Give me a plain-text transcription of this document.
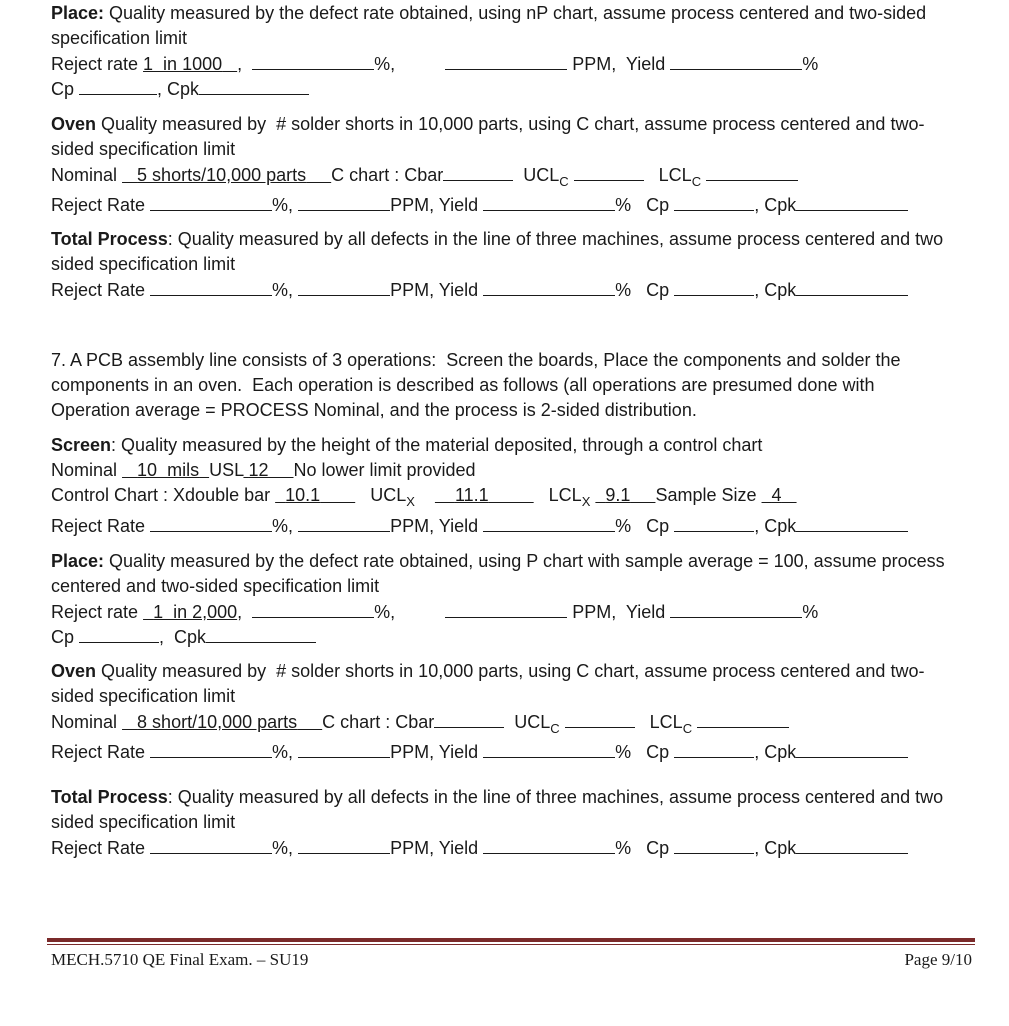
Place: Quality measured by the defect rate obtained, using nP chart, assume process centered and two-sided
specification limit
Reject rate 1  in 1000 ,	%,	PPM, Yield	%
Cp	, Cpk
Oven Quality measured by  # solder shorts in 10,000 parts, using C chart, assume process centered and two-
sided specification limit
Nominal    5 shorts/10,000 parts C chart : Cbar	$UCL_C$	$LCL_C$
Reject Rate	%,	PPM, Yield	% Cp	, Cpk
Total Process: Quality measured by all defects in the line of three machines, assume process centered and two
sided specification limit
Reject Rate	%,	PPM, Yield	% Cp	, Cpk
7. A PCB assembly line consists of 3 operations:  Screen the boards, Place the components and solder the
components in an oven.  Each operation is described as follows (all operations are presumed done with
Operation average = PROCESS Nominal, and the process is 2-sided distribution.
Screen: Quality measured by the height of the material deposited, through a control chart
Nominal    10  mils USL 12 No lower limit provided
Control Chart : Xdouble bar   10.1	$UCL_X$ 11.1	$LCL_X$ 9.1 Sample Size   4
Reject Rate	%,	PPM, Yield	% Cp	, Cpk
Place: Quality measured by the defect rate obtained, using P chart with sample average = 100, assume process
centered and two-sided specification limit
Reject rate   1  in 2,000,	%,	PPM, Yield	%
Cp	,  Cpk
Oven Quality measured by  # solder shorts in 10,000 parts, using C chart, assume process centered and two-
sided specification limit
Nominal    8 short/10,000 parts C chart : Cbar	$UCL_C$	$LCL_C$
Reject Rate	%,	PPM, Yield	% Cp	, Cpk
Total Process: Quality measured by all defects in the line of three machines, assume process centered and two
sided specification limit
Reject Rate	%,	PPM, Yield	% Cp	, Cpk
MECH.5710 QE Final Exam. – SU19	Page 9/10
